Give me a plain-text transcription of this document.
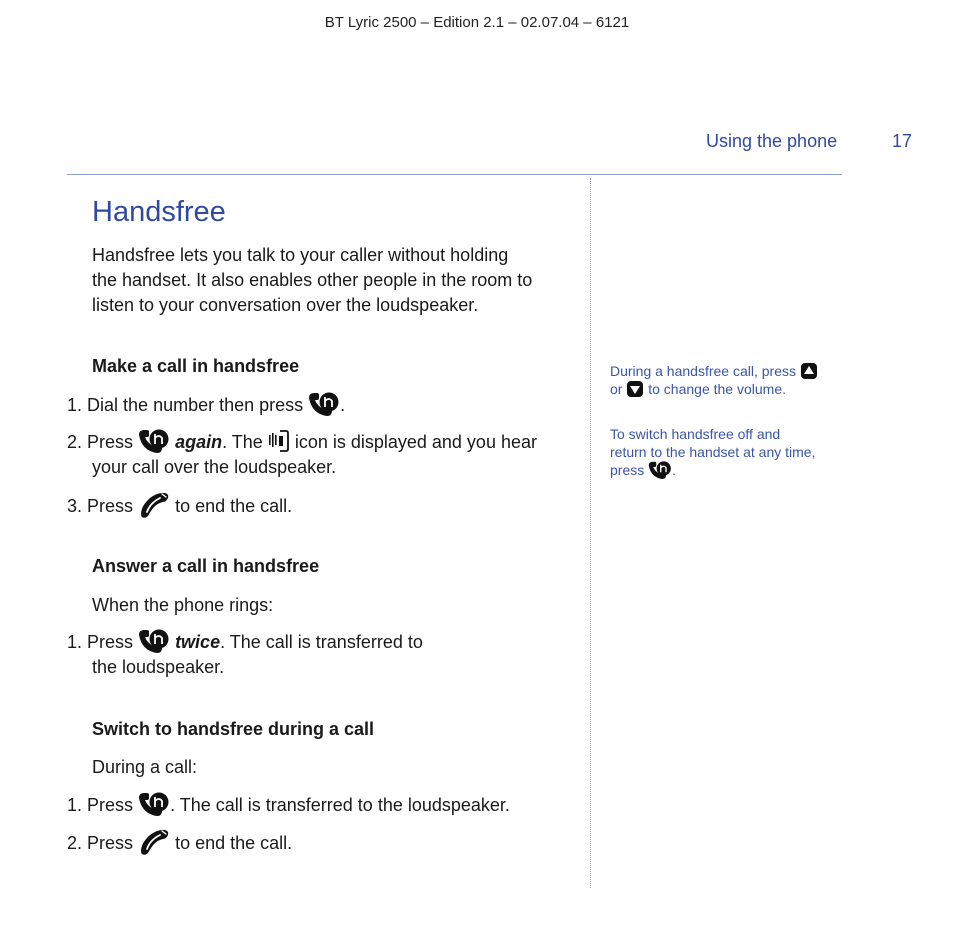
BT Lyric 2500 – Edition 2.1 – 02.07.04 – 6121
Using the phone	17
Handsfree
Handsfree lets you talk to your caller without holding
the handset. It also enables other people in the room to
listen to your conversation over the loudspeaker.
Make a call in handsfree
1. Dial the number then press .
2. Press again. The icon is displayed and you hear
your call over the loudspeaker.
3. Press to end the call.
Answer a call in handsfree
When the phone rings:
1. Press twice. The call is transferred to
the loudspeaker.
Switch to handsfree during a call
During a call:
1. Press . The call is transferred to the loudspeaker.
2. Press to end the call.
During a handsfree call, press
or to change the volume.
To switch handsfree off and
return to the handset at any time,
press .
